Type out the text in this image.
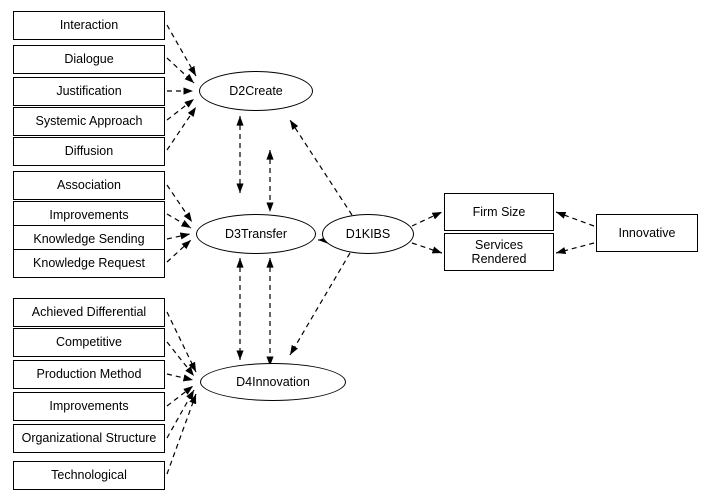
D2Create
D3Transfer	D1KIBS
D4Innovation
Interaction
Dialogue
Justification
Systemic Approach
Diffusion
Association
Improvements
Knowledge Sending
Knowledge Request
Achieved Differential
Competitive
Production Method
Improvements
Organizational Structure
Technological
Firm Size
Services Rendered
Innovative
